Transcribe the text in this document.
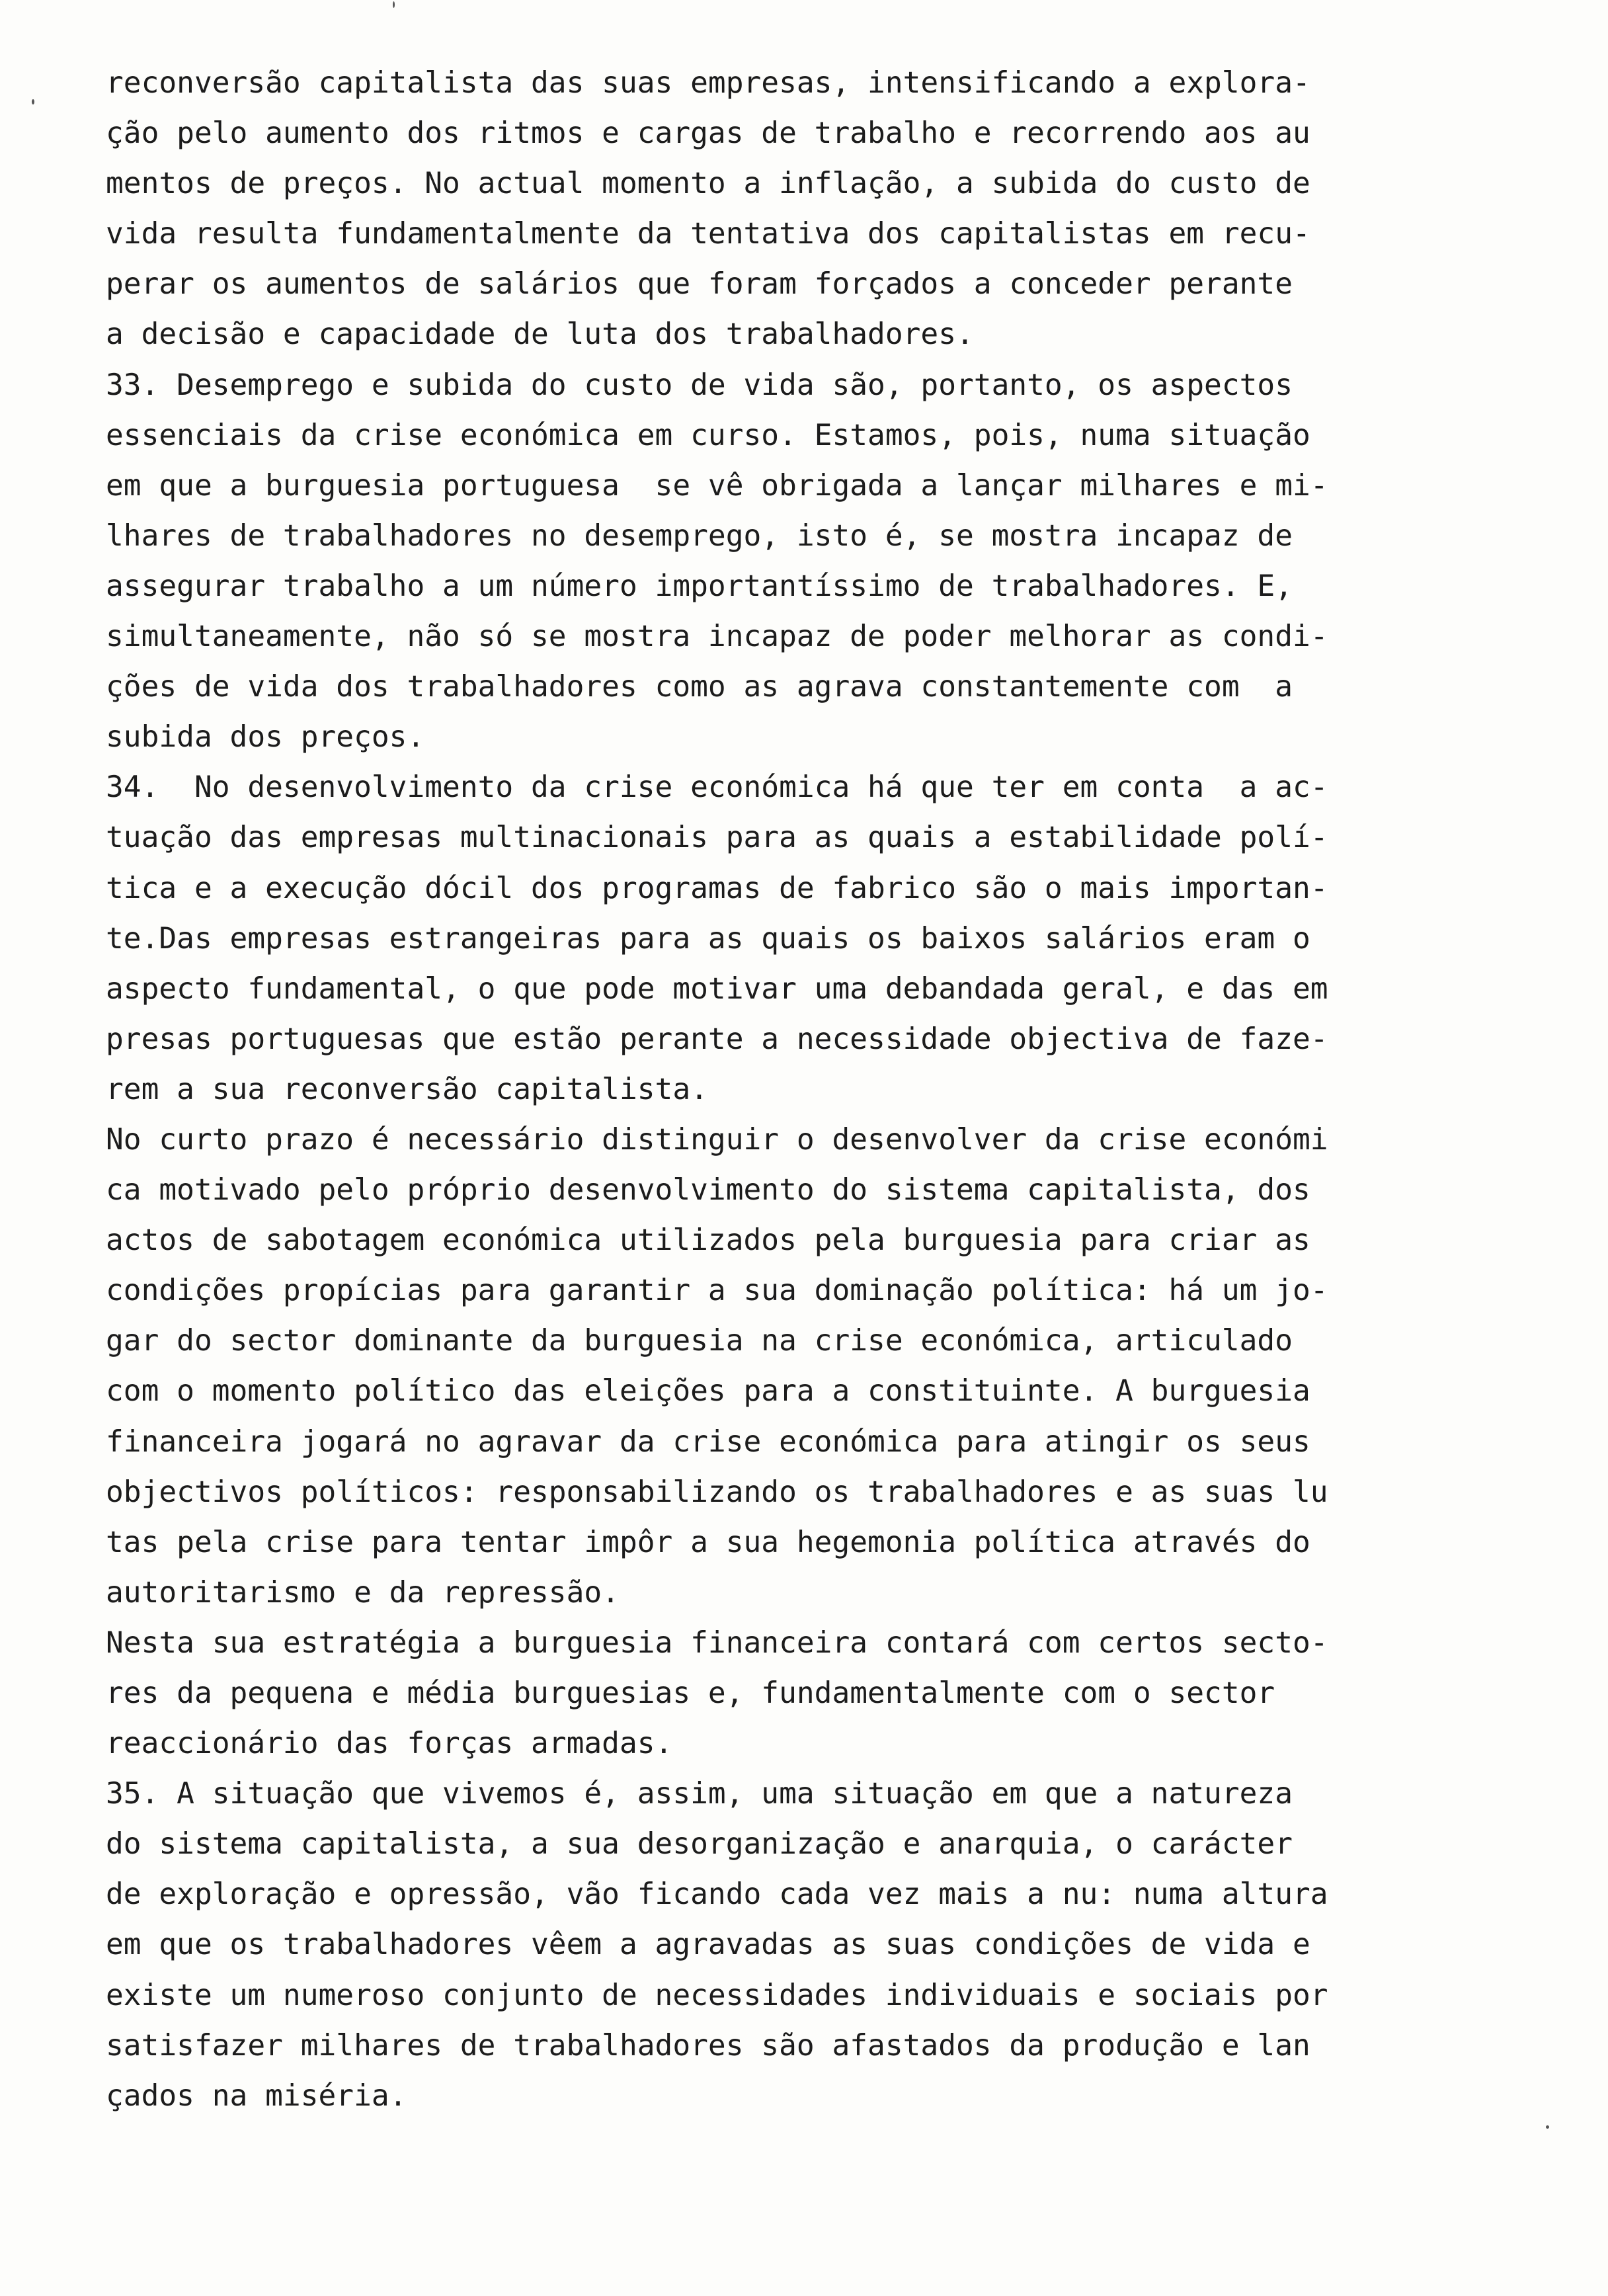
reconversão capitalista das suas empresas, intensificando a explora-
ção pelo aumento dos ritmos e cargas de trabalho e recorrendo aos au
mentos de preços. No actual momento a inflação, a subida do custo de
vida resulta fundamentalmente da tentativa dos capitalistas em recu-
perar os aumentos de salários que foram forçados a conceder perante
a decisão e capacidade de luta dos trabalhadores.
33. Desemprego e subida do custo de vida são, portanto, os aspectos
essenciais da crise económica em curso. Estamos, pois, numa situação
em que a burguesia portuguesa  se vê obrigada a lançar milhares e mi-
lhares de trabalhadores no desemprego, isto é, se mostra incapaz de
assegurar trabalho a um número importantíssimo de trabalhadores. E,
simultaneamente, não só se mostra incapaz de poder melhorar as condi-
ções de vida dos trabalhadores como as agrava constantemente com  a
subida dos preços.
34.  No desenvolvimento da crise económica há que ter em conta  a ac-
tuação das empresas multinacionais para as quais a estabilidade polí-
tica e a execução dócil dos programas de fabrico são o mais importan-
te.Das empresas estrangeiras para as quais os baixos salários eram o
aspecto fundamental, o que pode motivar uma debandada geral, e das em
presas portuguesas que estão perante a necessidade objectiva de faze-
rem a sua reconversão capitalista.
No curto prazo é necessário distinguir o desenvolver da crise económi
ca motivado pelo próprio desenvolvimento do sistema capitalista, dos
actos de sabotagem económica utilizados pela burguesia para criar as
condições propícias para garantir a sua dominação política: há um jo-
gar do sector dominante da burguesia na crise económica, articulado
com o momento político das eleições para a constituinte. A burguesia
financeira jogará no agravar da crise económica para atingir os seus
objectivos políticos: responsabilizando os trabalhadores e as suas lu
tas pela crise para tentar impôr a sua hegemonia política através do
autoritarismo e da repressão.
Nesta sua estratégia a burguesia financeira contará com certos secto-
res da pequena e média burguesias e, fundamentalmente com o sector
reaccionário das forças armadas.
35. A situação que vivemos é, assim, uma situação em que a natureza
do sistema capitalista, a sua desorganização e anarquia, o carácter
de exploração e opressão, vão ficando cada vez mais a nu: numa altura
em que os trabalhadores vêem a agravadas as suas condições de vida e
existe um numeroso conjunto de necessidades individuais e sociais por
satisfazer milhares de trabalhadores são afastados da produção e lan
çados na miséria.
